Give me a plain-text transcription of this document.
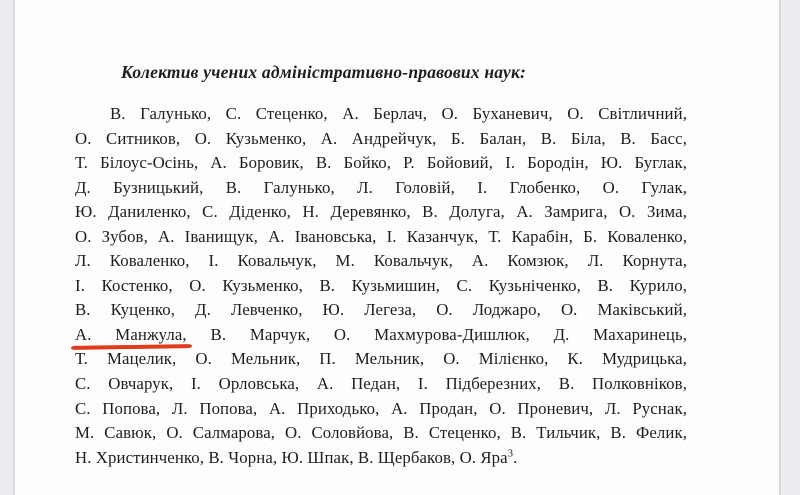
Колектив учених адміністративно-правових наук:
В. Галунько, С. Стеценко, А. Берлач, О. Буханевич, О. Світличний,
О. Ситников, О. Кузьменко, А. Андрейчук, Б. Балан, В. Біла, В. Басс,
Т. Білоус-Осінь, А. Боровик, В. Бойко, Р. Бойовий, І. Бородін, Ю. Буглак,
Д. Бузницький, В. Галунько, Л. Головій, І. Глобенко, О. Гулак,
Ю. Даниленко, С. Діденко, Н. Деревянко, В. Долуга, А. Замрига, О. Зима,
О. Зубов, А. Іванищук, А. Івановська, І. Казанчук, Т. Карабін, Б. Коваленко,
Л. Коваленко, І. Ковальчук, М. Ковальчук, А. Комзюк, Л. Корнута,
І. Костенко, О. Кузьменко, В. Кузьмишин, С. Кузьніченко, В. Курило,
В. Куценко, Д. Левченко, Ю. Легеза, О. Лоджаро, О. Маківський,
А. Манжула, В. Марчук, О. Махмурова-Дишлюк, Д. Махаринець,
Т. Мацелик, О. Мельник, П. Мельник, О. Мілієнко, К. Мудрицька,
С. Овчарук, І. Орловська, А. Педан, І. Підберезних, В. Полковніков,
С. Попова, Л. Попова, А. Приходько, А. Продан, О. Проневич, Л. Руснак,
М. Савюк, О. Салмарова, О. Соловйова, В. Стеценко, В. Тильчик, В. Фелик,
Н. Христинченко, В. Чорна, Ю. Шпак, В. Щербаков, О. Яра$^3$.
